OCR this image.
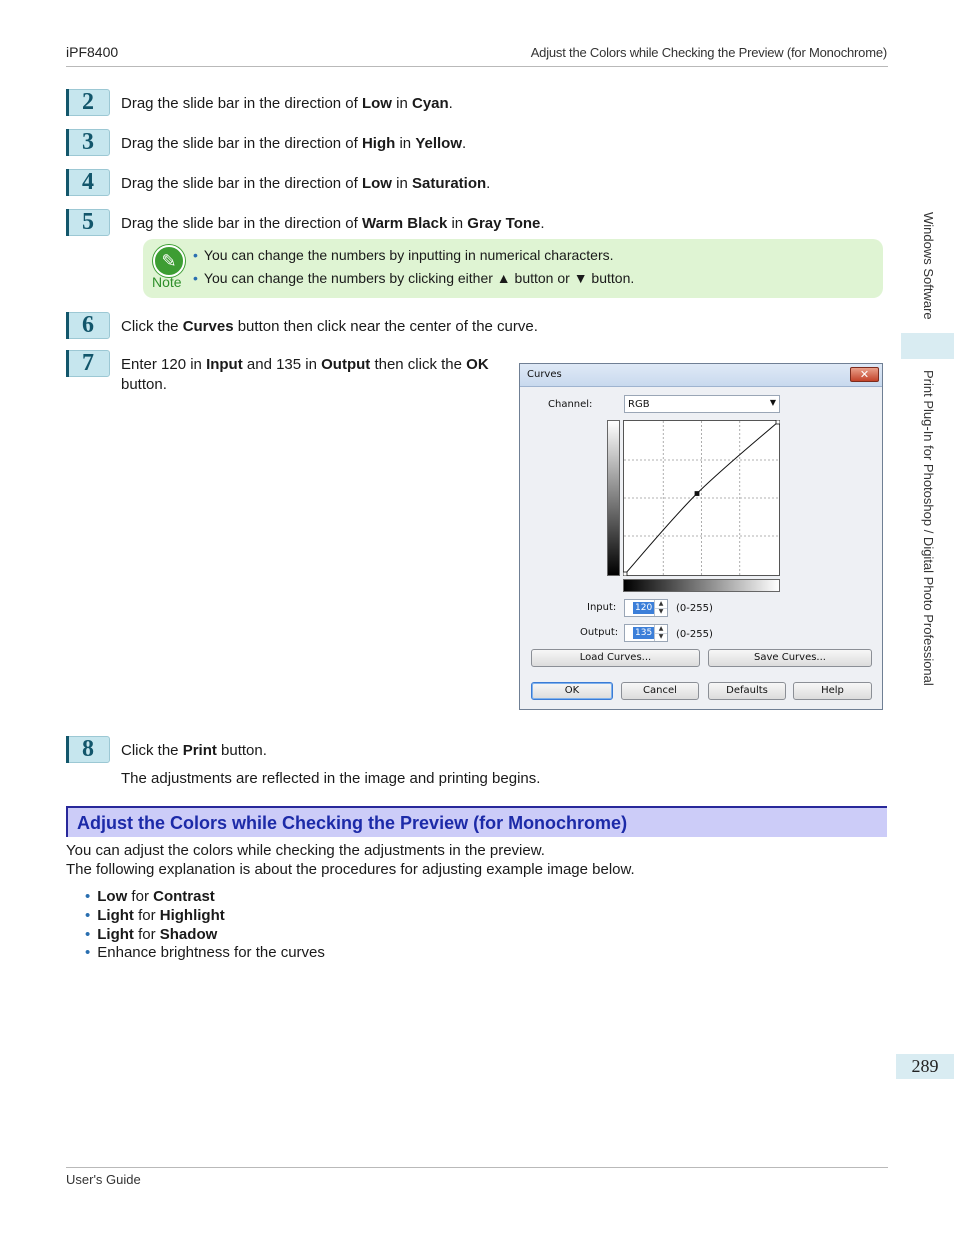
iPF8400	Adjust the Colors while Checking the Preview (for Monochrome)
2	Drag the slide bar in the direction of Low in Cyan.
3	Drag the slide bar in the direction of High in Yellow.
4	Drag the slide bar in the direction of Low in Saturation.
5	Drag the slide bar in the direction of Warm Black in Gray Tone.
✎
Note
• You can change the numbers by inputting in numerical characters.
• You can change the numbers by clicking either ▲ button or ▼ button.
6	Click the Curves button then click near the center of the curve.
7	Enter 120 in Input and 135 in Output then click the OK button.
Curves	✕
Channel:	RGB	▼
Input: 120	▲
▼	(0-255)
Output: 135	▲
▼	(0-255)
Load Curves...	Save Curves...
OK	Cancel	Defaults	Help
8	Click the Print button.
The adjustments are reflected in the image and printing begins.
Adjust the Colors while Checking the Preview (for Monochrome)
You can adjust the colors while checking the adjustments in the preview.
The following explanation is about the procedures for adjusting example image below.
• Low for Contrast
• Light for Highlight
• Light for Shadow
• Enhance brightness for the curves
Windows Software
Print Plug-In for Photoshop / Digital Photo Professional
289
User's Guide
